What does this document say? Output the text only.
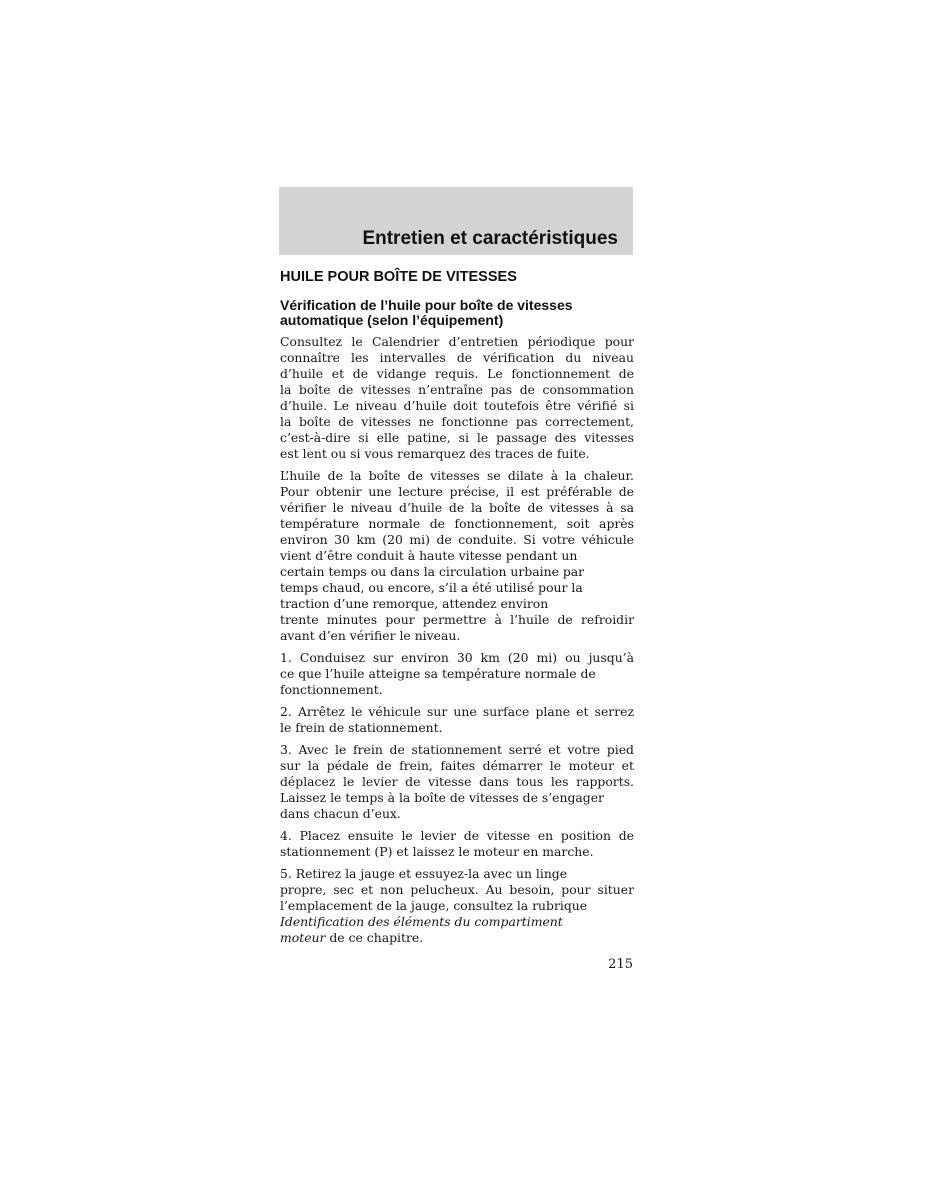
Entretien et caractéristiques
HUILE POUR BOÎTE DE VITESSES
Vérification de l’huile pour boîte de vitesses
automatique (selon l’équipement)
Consultez le Calendrier d’entretien périodique pour
connaître les intervalles de vérification du niveau
d’huile et de vidange requis. Le fonctionnement de
la boîte de vitesses n’entraîne pas de consommation
d’huile. Le niveau d’huile doit toutefois être vérifié si
la boîte de vitesses ne fonctionne pas correctement,
c’est-à-dire si elle patine, si le passage des vitesses
est lent ou si vous remarquez des traces de fuite.
L’huile de la boîte de vitesses se dilate à la chaleur.
Pour obtenir une lecture précise, il est préférable de
vérifier le niveau d’huile de la boîte de vitesses à sa
température normale de fonctionnement, soit après
environ 30 km (20 mi) de conduite. Si votre véhicule
vient d’être conduit à haute vitesse pendant un
certain temps ou dans la circulation urbaine par
temps chaud, ou encore, s’il a été utilisé pour la
traction d’une remorque, attendez environ
trente minutes pour permettre à l’huile de refroidir
avant d’en vérifier le niveau.
1. Conduisez sur environ 30 km (20 mi) ou jusqu’à
ce que l’huile atteigne sa température normale de
fonctionnement.
2. Arrêtez le véhicule sur une surface plane et serrez
le frein de stationnement.
3. Avec le frein de stationnement serré et votre pied
sur la pédale de frein, faites démarrer le moteur et
déplacez le levier de vitesse dans tous les rapports.
Laissez le temps à la boîte de vitesses de s’engager
dans chacun d’eux.
4. Placez ensuite le levier de vitesse en position de
stationnement (P) et laissez le moteur en marche.
5. Retirez la jauge et essuyez-la avec un linge
propre, sec et non pelucheux. Au besoin, pour situer
l’emplacement de la jauge, consultez la rubrique
Identification des éléments du compartiment
moteur de ce chapitre.
215
